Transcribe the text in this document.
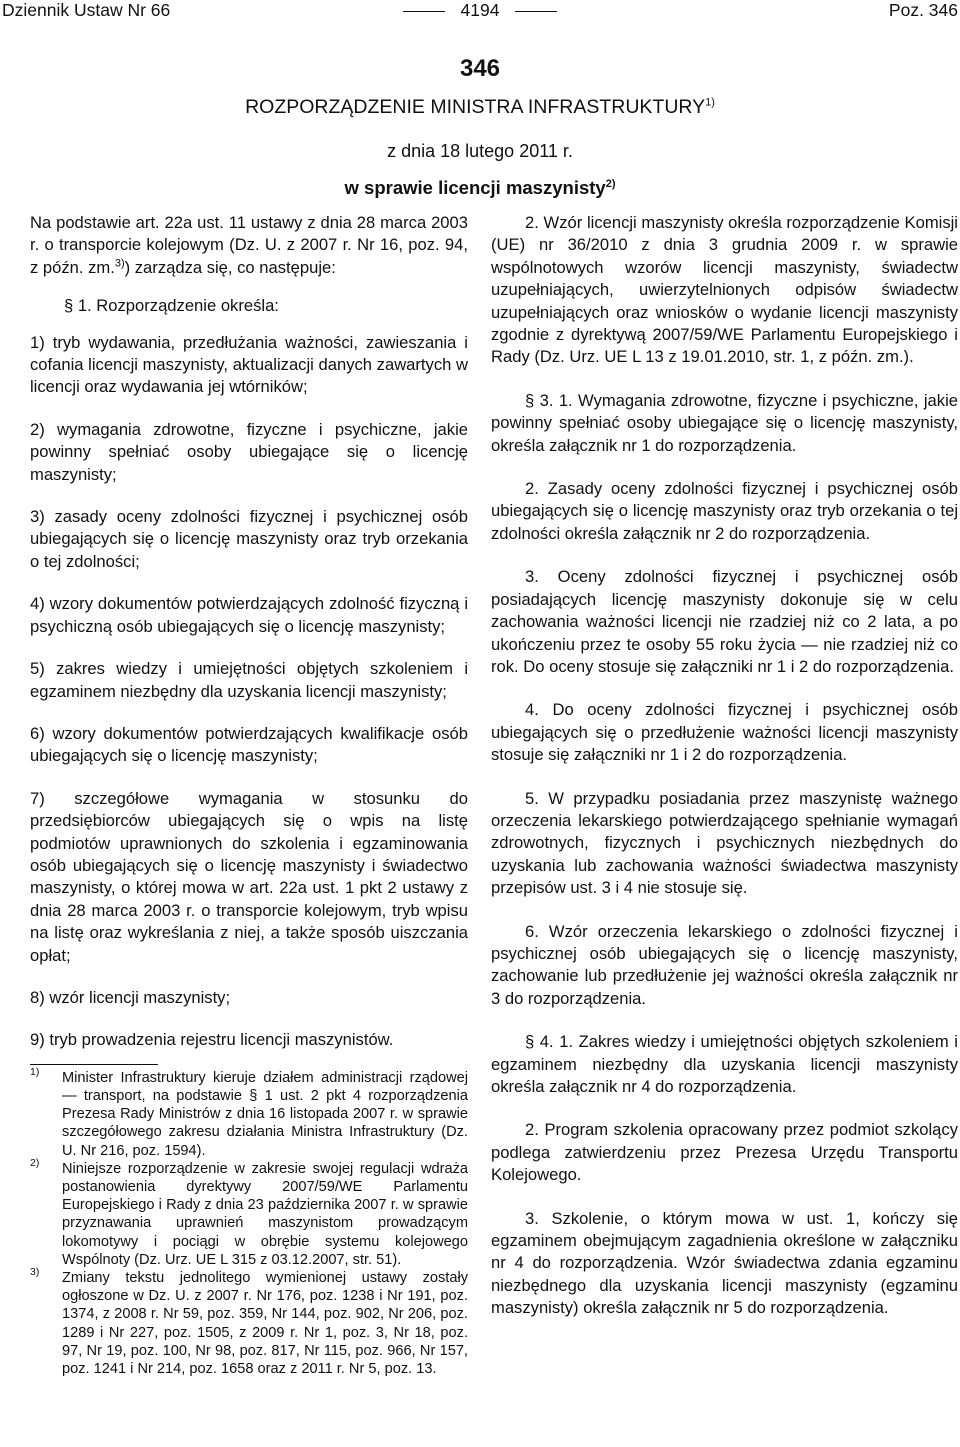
Dziennik Ustaw Nr 66	4194	Poz. 346
346
ROZPORZĄDZENIE MINISTRA INFRASTRUKTURY$^{1)}$
z dnia 18 lutego 2011 r.
w sprawie licencji maszynisty$^{2)}$

Na podstawie art. 22a ust. 11 ustawy z dnia 28 marca 2003 r. o transporcie kolejowym (Dz. U. z 2007 r. Nr 16, poz. 94, z późn. zm.$^{3)}$) zarządza się, co następuje:

§ 1. Rozporządzenie określa:

1) tryb wydawania, przedłużania ważności, zawieszania i cofania licencji maszynisty, aktualizacji danych zawartych w licencji oraz wydawania jej wtórników;

2) wymagania zdrowotne, fizyczne i psychiczne, jakie powinny spełniać osoby ubiegające się o licencję maszynisty;

3) zasady oceny zdolności fizycznej i psychicznej osób ubiegających się o licencję maszynisty oraz tryb orzekania o tej zdolności;

4) wzory dokumentów potwierdzających zdolność fizyczną i psychiczną osób ubiegających się o licencję maszynisty;

5) zakres wiedzy i umiejętności objętych szkoleniem i egzaminem niezbędny dla uzyskania licencji maszynisty;

6) wzory dokumentów potwierdzających kwalifikacje osób ubiegających się o licencję maszynisty;

7) szczegółowe wymagania w stosunku do przedsiębiorców ubiegających się o wpis na listę podmiotów uprawnionych do szkolenia i egzaminowania osób ubiegających się o licencję maszynisty i świadectwo maszynisty, o której mowa w art. 22a ust. 1 pkt 2 ustawy z dnia 28 marca 2003 r. o transporcie kolejowym, tryb wpisu na listę oraz wykreślania z niej, a także sposób uiszczania opłat;

8) wzór licencji maszynisty;

9) tryb prowadzenia rejestru licencji maszynistów.

1) Minister Infrastruktury kieruje działem administracji rządowej — transport, na podstawie § 1 ust. 2 pkt 4 rozporządzenia Prezesa Rady Ministrów z dnia 16 listopada 2007 r. w sprawie szczegółowego zakresu działania Ministra Infrastruktury (Dz. U. Nr 216, poz. 1594).

2) Niniejsze rozporządzenie w zakresie swojej regulacji wdraża postanowienia dyrektywy 2007/59/WE Parlamentu Europejskiego i Rady z dnia 23 października 2007 r. w sprawie przyznawania uprawnień maszynistom prowadzącym lokomotywy i pociągi w obrębie systemu kolejowego Wspólnoty (Dz. Urz. UE L 315 z 03.12.2007, str. 51).

3) Zmiany tekstu jednolitego wymienionej ustawy zostały ogłoszone w Dz. U. z 2007 r. Nr 176, poz. 1238 i Nr 191, poz. 1374, z 2008 r. Nr 59, poz. 359, Nr 144, poz. 902, Nr 206, poz. 1289 i Nr 227, poz. 1505, z 2009 r. Nr 1, poz. 3, Nr 18, poz. 97, Nr 19, poz. 100, Nr 98, poz. 817, Nr 115, poz. 966, Nr 157, poz. 1241 i Nr 214, poz. 1658 oraz z 2011 r. Nr 5, poz. 13.

2. Wzór licencji maszynisty określa rozporządzenie Komisji (UE) nr 36/2010 z dnia 3 grudnia 2009 r. w sprawie wspólnotowych wzorów licencji maszynisty, świadectw uzupełniających, uwierzytelnionych odpisów świadectw uzupełniających oraz wniosków o wydanie licencji maszynisty zgodnie z dyrektywą 2007/59/WE Parlamentu Europejskiego i Rady (Dz. Urz. UE L 13 z 19.01.2010, str. 1, z późn. zm.).

§ 3. 1. Wymagania zdrowotne, fizyczne i psychiczne, jakie powinny spełniać osoby ubiegające się o licencję maszynisty, określa załącznik nr 1 do rozporządzenia.

2. Zasady oceny zdolności fizycznej i psychicznej osób ubiegających się o licencję maszynisty oraz tryb orzekania o tej zdolności określa załącznik nr 2 do rozporządzenia.

3. Oceny zdolności fizycznej i psychicznej osób posiadających licencję maszynisty dokonuje się w celu zachowania ważności licencji nie rzadziej niż co 2 lata, a po ukończeniu przez te osoby 55 roku życia — nie rzadziej niż co rok. Do oceny stosuje się załączniki nr 1 i 2 do rozporządzenia.

4. Do oceny zdolności fizycznej i psychicznej osób ubiegających się o przedłużenie ważności licencji maszynisty stosuje się załączniki nr 1 i 2 do rozporządzenia.

5. W przypadku posiadania przez maszynistę ważnego orzeczenia lekarskiego potwierdzającego spełnianie wymagań zdrowotnych, fizycznych i psychicznych niezbędnych do uzyskania lub zachowania ważności świadectwa maszynisty przepisów ust. 3 i 4 nie stosuje się.

6. Wzór orzeczenia lekarskiego o zdolności fizycznej i psychicznej osób ubiegających się o licencję maszynisty, zachowanie lub przedłużenie jej ważności określa załącznik nr 3 do rozporządzenia.

§ 4. 1. Zakres wiedzy i umiejętności objętych szkoleniem i egzaminem niezbędny dla uzyskania licencji maszynisty określa załącznik nr 4 do rozporządzenia.

2. Program szkolenia opracowany przez podmiot szkolący podlega zatwierdzeniu przez Prezesa Urzędu Transportu Kolejowego.

3. Szkolenie, o którym mowa w ust. 1, kończy się egzaminem obejmującym zagadnienia określone w załączniku nr 4 do rozporządzenia. Wzór świadectwa zdania egzaminu niezbędnego dla uzyskania licencji maszynisty (egzaminu maszynisty) określa załącznik nr 5 do rozporządzenia.
